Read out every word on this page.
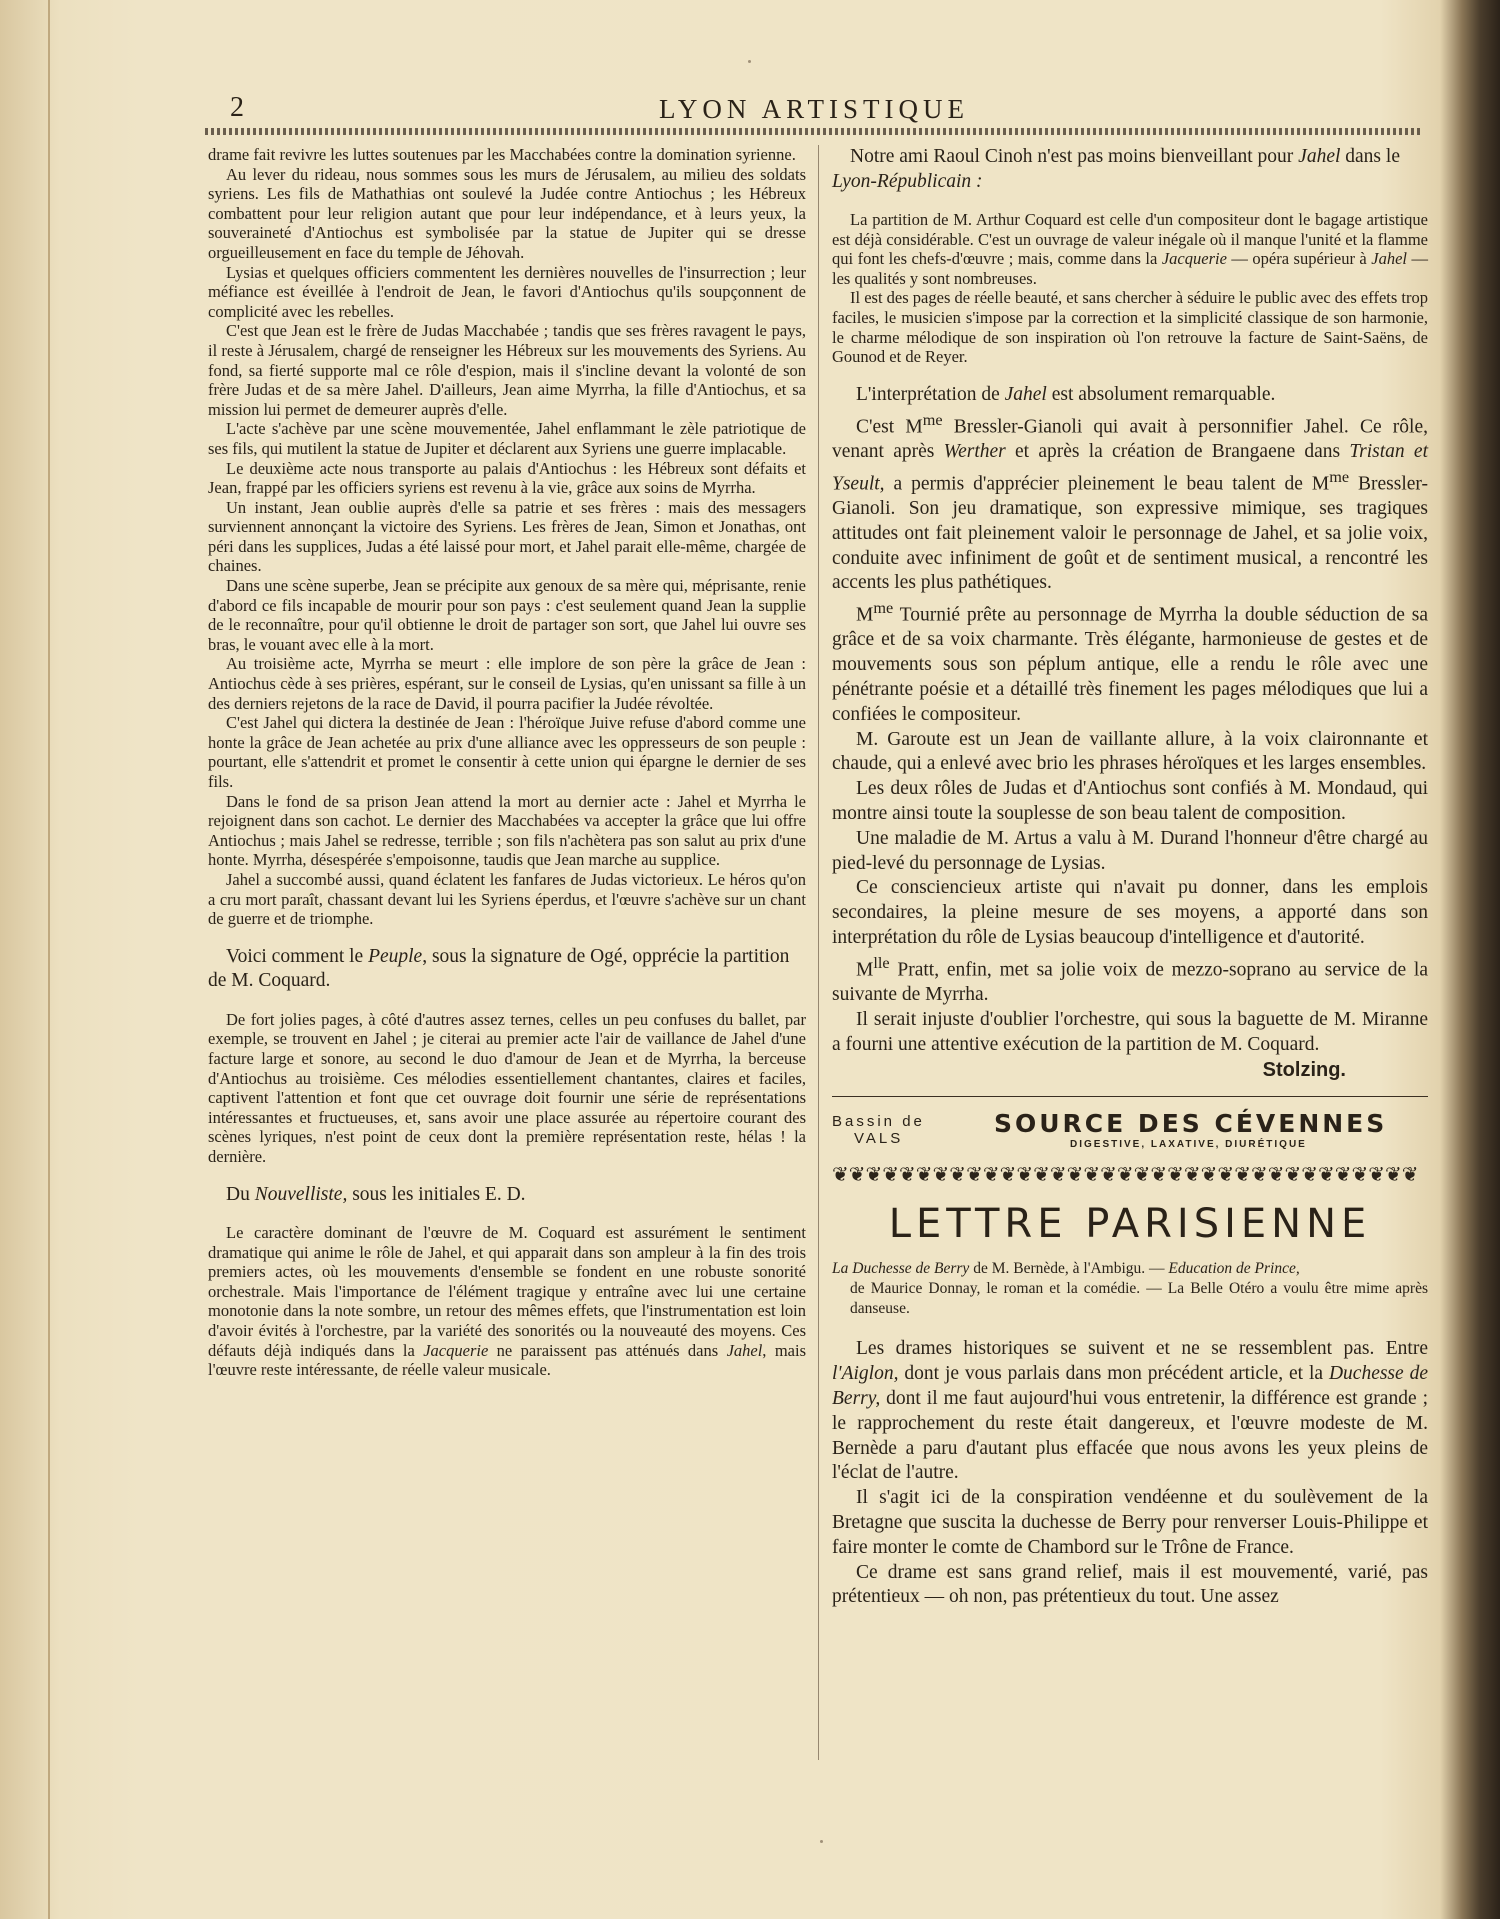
2	LYON ARTISTIQUE

drame fait revivre les luttes soutenues par les Macchabées contre la domination syrienne.

Au lever du rideau, nous sommes sous les murs de Jérusalem, au milieu des soldats syriens. Les fils de Mathathias ont soulevé la Judée contre Antiochus ; les Hébreux combattent pour leur religion autant que pour leur indépendance, et à leurs yeux, la souveraineté d'Antiochus est symbolisée par la statue de Jupiter qui se dresse orgueilleusement en face du temple de Jéhovah.

Lysias et quelques officiers commentent les dernières nouvelles de l'insurrection ; leur méfiance est éveillée à l'endroit de Jean, le favori d'Antiochus qu'ils soupçonnent de complicité avec les rebelles.

C'est que Jean est le frère de Judas Macchabée ; tandis que ses frères ravagent le pays, il reste à Jérusalem, chargé de renseigner les Hébreux sur les mouvements des Syriens. Au fond, sa fierté supporte mal ce rôle d'espion, mais il s'incline devant la volonté de son frère Judas et de sa mère Jahel. D'ailleurs, Jean aime Myrrha, la fille d'Antiochus, et sa mission lui permet de demeurer auprès d'elle.

L'acte s'achève par une scène mouvementée, Jahel enflammant le zèle patriotique de ses fils, qui mutilent la statue de Jupiter et déclarent aux Syriens une guerre implacable.

Le deuxième acte nous transporte au palais d'Antiochus : les Hébreux sont défaits et Jean, frappé par les officiers syriens est revenu à la vie, grâce aux soins de Myrrha.

Un instant, Jean oublie auprès d'elle sa patrie et ses frères : mais des messagers surviennent annonçant la victoire des Syriens. Les frères de Jean, Simon et Jonathas, ont péri dans les supplices, Judas a été laissé pour mort, et Jahel parait elle-même, chargée de chaines.

Dans une scène superbe, Jean se précipite aux genoux de sa mère qui, méprisante, renie d'abord ce fils incapable de mourir pour son pays : c'est seulement quand Jean la supplie de le reconnaître, pour qu'il obtienne le droit de partager son sort, que Jahel lui ouvre ses bras, le vouant avec elle à la mort.

Au troisième acte, Myrrha se meurt : elle implore de son père la grâce de Jean : Antiochus cède à ses prières, espérant, sur le conseil de Lysias, qu'en unissant sa fille à un des derniers rejetons de la race de David, il pourra pacifier la Judée révoltée.

C'est Jahel qui dictera la destinée de Jean : l'héroïque Juive refuse d'abord comme une honte la grâce de Jean achetée au prix d'une alliance avec les oppresseurs de son peuple : pourtant, elle s'attendrit et promet le consentir à cette union qui épargne le dernier de ses fils.

Dans le fond de sa prison Jean attend la mort au dernier acte : Jahel et Myrrha le rejoignent dans son cachot. Le dernier des Macchabées va accepter la grâce que lui offre Antiochus ; mais Jahel se redresse, terrible ; son fils n'achètera pas son salut au prix d'une honte. Myrrha, désespérée s'empoisonne, taudis que Jean marche au supplice.

Jahel a succombé aussi, quand éclatent les fanfares de Judas victorieux. Le héros qu'on a cru mort paraît, chassant devant lui les Syriens éperdus, et l'œuvre s'achève sur un chant de guerre et de triomphe.

Voici comment le Peuple, sous la signature de Ogé, opprécie la partition de M. Coquard.

De fort jolies pages, à côté d'autres assez ternes, celles un peu confuses du ballet, par exemple, se trouvent en Jahel ; je citerai au premier acte l'air de vaillance de Jahel d'une facture large et sonore, au second le duo d'amour de Jean et de Myrrha, la berceuse d'Antiochus au troisième. Ces mélodies essentiellement chantantes, claires et faciles, captivent l'attention et font que cet ouvrage doit fournir une série de représentations intéressantes et fructueuses, et, sans avoir une place assurée au répertoire courant des scènes lyriques, n'est point de ceux dont la première représentation reste, hélas ! la dernière.

Du Nouvelliste, sous les initiales E. D.

Le caractère dominant de l'œuvre de M. Coquard est assurément le sentiment dramatique qui anime le rôle de Jahel, et qui apparait dans son ampleur à la fin des trois premiers actes, où les mouvements d'ensemble se fondent en une robuste sonorité orchestrale. Mais l'importance de l'élément tragique y entraîne avec lui une certaine monotonie dans la note sombre, un retour des mêmes effets, que l'instrumentation est loin d'avoir évités à l'orchestre, par la variété des sonorités ou la nouveauté des moyens. Ces défauts déjà indiqués dans la Jacquerie ne paraissent pas atténués dans Jahel, mais l'œuvre reste intéressante, de réelle valeur musicale.

Notre ami Raoul Cinoh n'est pas moins bienveillant pour Jahel dans le Lyon-Républicain :

La partition de M. Arthur Coquard est celle d'un compositeur dont le bagage artistique est déjà considérable. C'est un ouvrage de valeur inégale où il manque l'unité et la flamme qui font les chefs-d'œuvre ; mais, comme dans la Jacquerie — opéra supérieur à Jahel — les qualités y sont nombreuses.

Il est des pages de réelle beauté, et sans chercher à séduire le public avec des effets trop faciles, le musicien s'impose par la correction et la simplicité classique de son harmonie, le charme mélodique de son inspiration où l'on retrouve la facture de Saint-Saëns, de Gounod et de Reyer.

L'interprétation de Jahel est absolument remarquable.

C'est $M^{me}$ Bressler-Gianoli qui avait à personnifier Jahel. Ce rôle, venant après Werther et après la création de Brangaene dans Tristan et Yseult, a permis d'apprécier pleinement le beau talent de $M^{me}$ Bressler-Gianoli. Son jeu dramatique, son expressive mimique, ses tragiques attitudes ont fait pleinement valoir le personnage de Jahel, et sa jolie voix, conduite avec infiniment de goût et de sentiment musical, a rencontré les accents les plus pathétiques.

$M^{me}$ Tournié prête au personnage de Myrrha la double séduction de sa grâce et de sa voix charmante. Très élégante, harmonieuse de gestes et de mouvements sous son péplum antique, elle a rendu le rôle avec une pénétrante poésie et a détaillé très finement les pages mélodiques que lui a confiées le compositeur.

M. Garoute est un Jean de vaillante allure, à la voix claironnante et chaude, qui a enlevé avec brio les phrases héroïques et les larges ensembles.

Les deux rôles de Judas et d'Antiochus sont confiés à M. Mondaud, qui montre ainsi toute la souplesse de son beau talent de composition.

Une maladie de M. Artus a valu à M. Durand l'honneur d'être chargé au pied-levé du personnage de Lysias.

Ce consciencieux artiste qui n'avait pu donner, dans les emplois secondaires, la pleine mesure de ses moyens, a apporté dans son interprétation du rôle de Lysias beaucoup d'intelligence et d'autorité.

$M^{lle}$ Pratt, enfin, met sa jolie voix de mezzo-soprano au service de la suivante de Myrrha.

Il serait injuste d'oublier l'orchestre, qui sous la baguette de M. Miranne a fourni une attentive exécution de la partition de M. Coquard.

Stolzing.

Bassin de
VALS
SOURCE DES CÉVENNES
DIGESTIVE, LAXATIVE, DIURÉTIQUE
❦❦❦❦❦❦❦❦❦❦❦❦❦❦❦❦❦❦❦❦❦❦❦❦❦❦❦❦❦❦❦❦❦❦❦
LETTRE PARISIENNE
La Duchesse de Berry de M. Bernède, à l'Ambigu. — Education de Prince,
de Maurice Donnay, le roman et la comédie. — La Belle Otéro a voulu être mime après danseuse.

Les drames historiques se suivent et ne se ressemblent pas. Entre l'Aiglon, dont je vous parlais dans mon précédent article, et la Duchesse de Berry, dont il me faut aujourd'hui vous entretenir, la différence est grande ; le rapprochement du reste était dangereux, et l'œuvre modeste de M. Bernède a paru d'autant plus effacée que nous avons les yeux pleins de l'éclat de l'autre.

Il s'agit ici de la conspiration vendéenne et du soulèvement de la Bretagne que suscita la duchesse de Berry pour renverser Louis-Philippe et faire monter le comte de Chambord sur le Trône de France.

Ce drame est sans grand relief, mais il est mouvementé, varié, pas prétentieux — oh non, pas prétentieux du tout. Une assez
